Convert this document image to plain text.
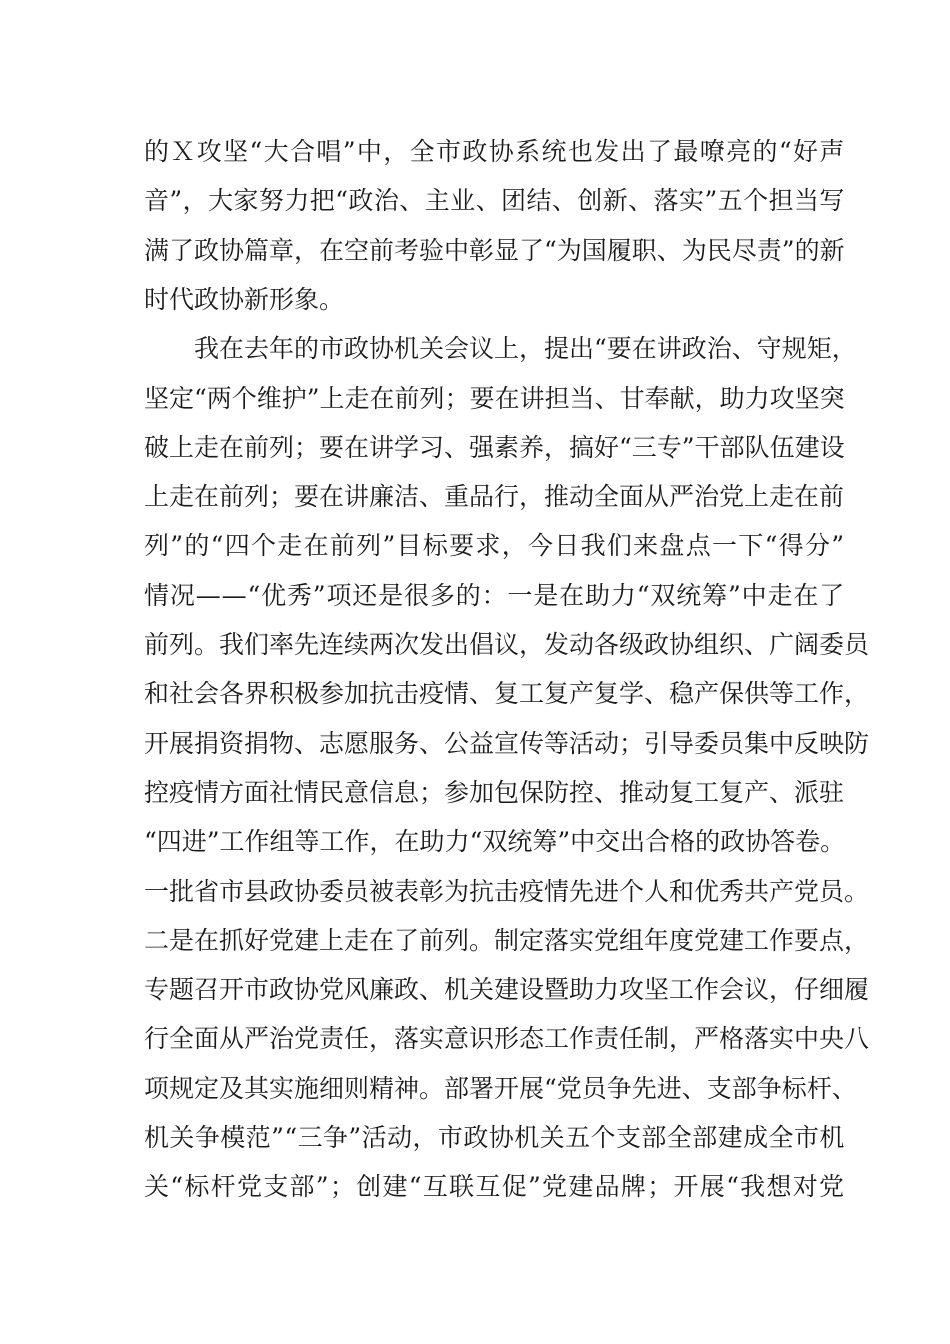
的Ｘ攻坚“大合唱”中，全市政协系统也发出了最嘹亮的“好声
音”，大家努力把“政治、主业、团结、创新、落实”五个担当写
满了政协篇章，在空前考验中彰显了“为国履职、为民尽责”的新
时代政协新形象。
　　我在去年的市政协机关会议上，提出“要在讲政治、守规矩，
坚定“两个维护”上走在前列；要在讲担当、甘奉献，助力攻坚突
破上走在前列；要在讲学习、强素养，搞好“三专”干部队伍建设
上走在前列；要在讲廉洁、重品行，推动全面从严治党上走在前
列”的“四个走在前列”目标要求，今日我们来盘点一下“得分”
情况——“优秀”项还是很多的：一是在助力“双统筹”中走在了
前列。我们率先连续两次发出倡议，发动各级政协组织、广阔委员
和社会各界积极参加抗击疫情、复工复产复学、稳产保供等工作，
开展捐资捐物、志愿服务、公益宣传等活动；引导委员集中反映防
控疫情方面社情民意信息；参加包保防控、推动复工复产、派驻
“四进”工作组等工作，在助力“双统筹”中交出合格的政协答卷。
一批省市县政协委员被表彰为抗击疫情先进个人和优秀共产党员。
二是在抓好党建上走在了前列。制定落实党组年度党建工作要点，
专题召开市政协党风廉政、机关建设暨助力攻坚工作会议，仔细履
行全面从严治党责任，落实意识形态工作责任制，严格落实中央八
项规定及其实施细则精神。部署开展“党员争先进、支部争标杆、
机关争模范”“三争”活动，市政协机关五个支部全部建成全市机
关“标杆党支部”；创建“互联互促”党建品牌；开展“我想对党
